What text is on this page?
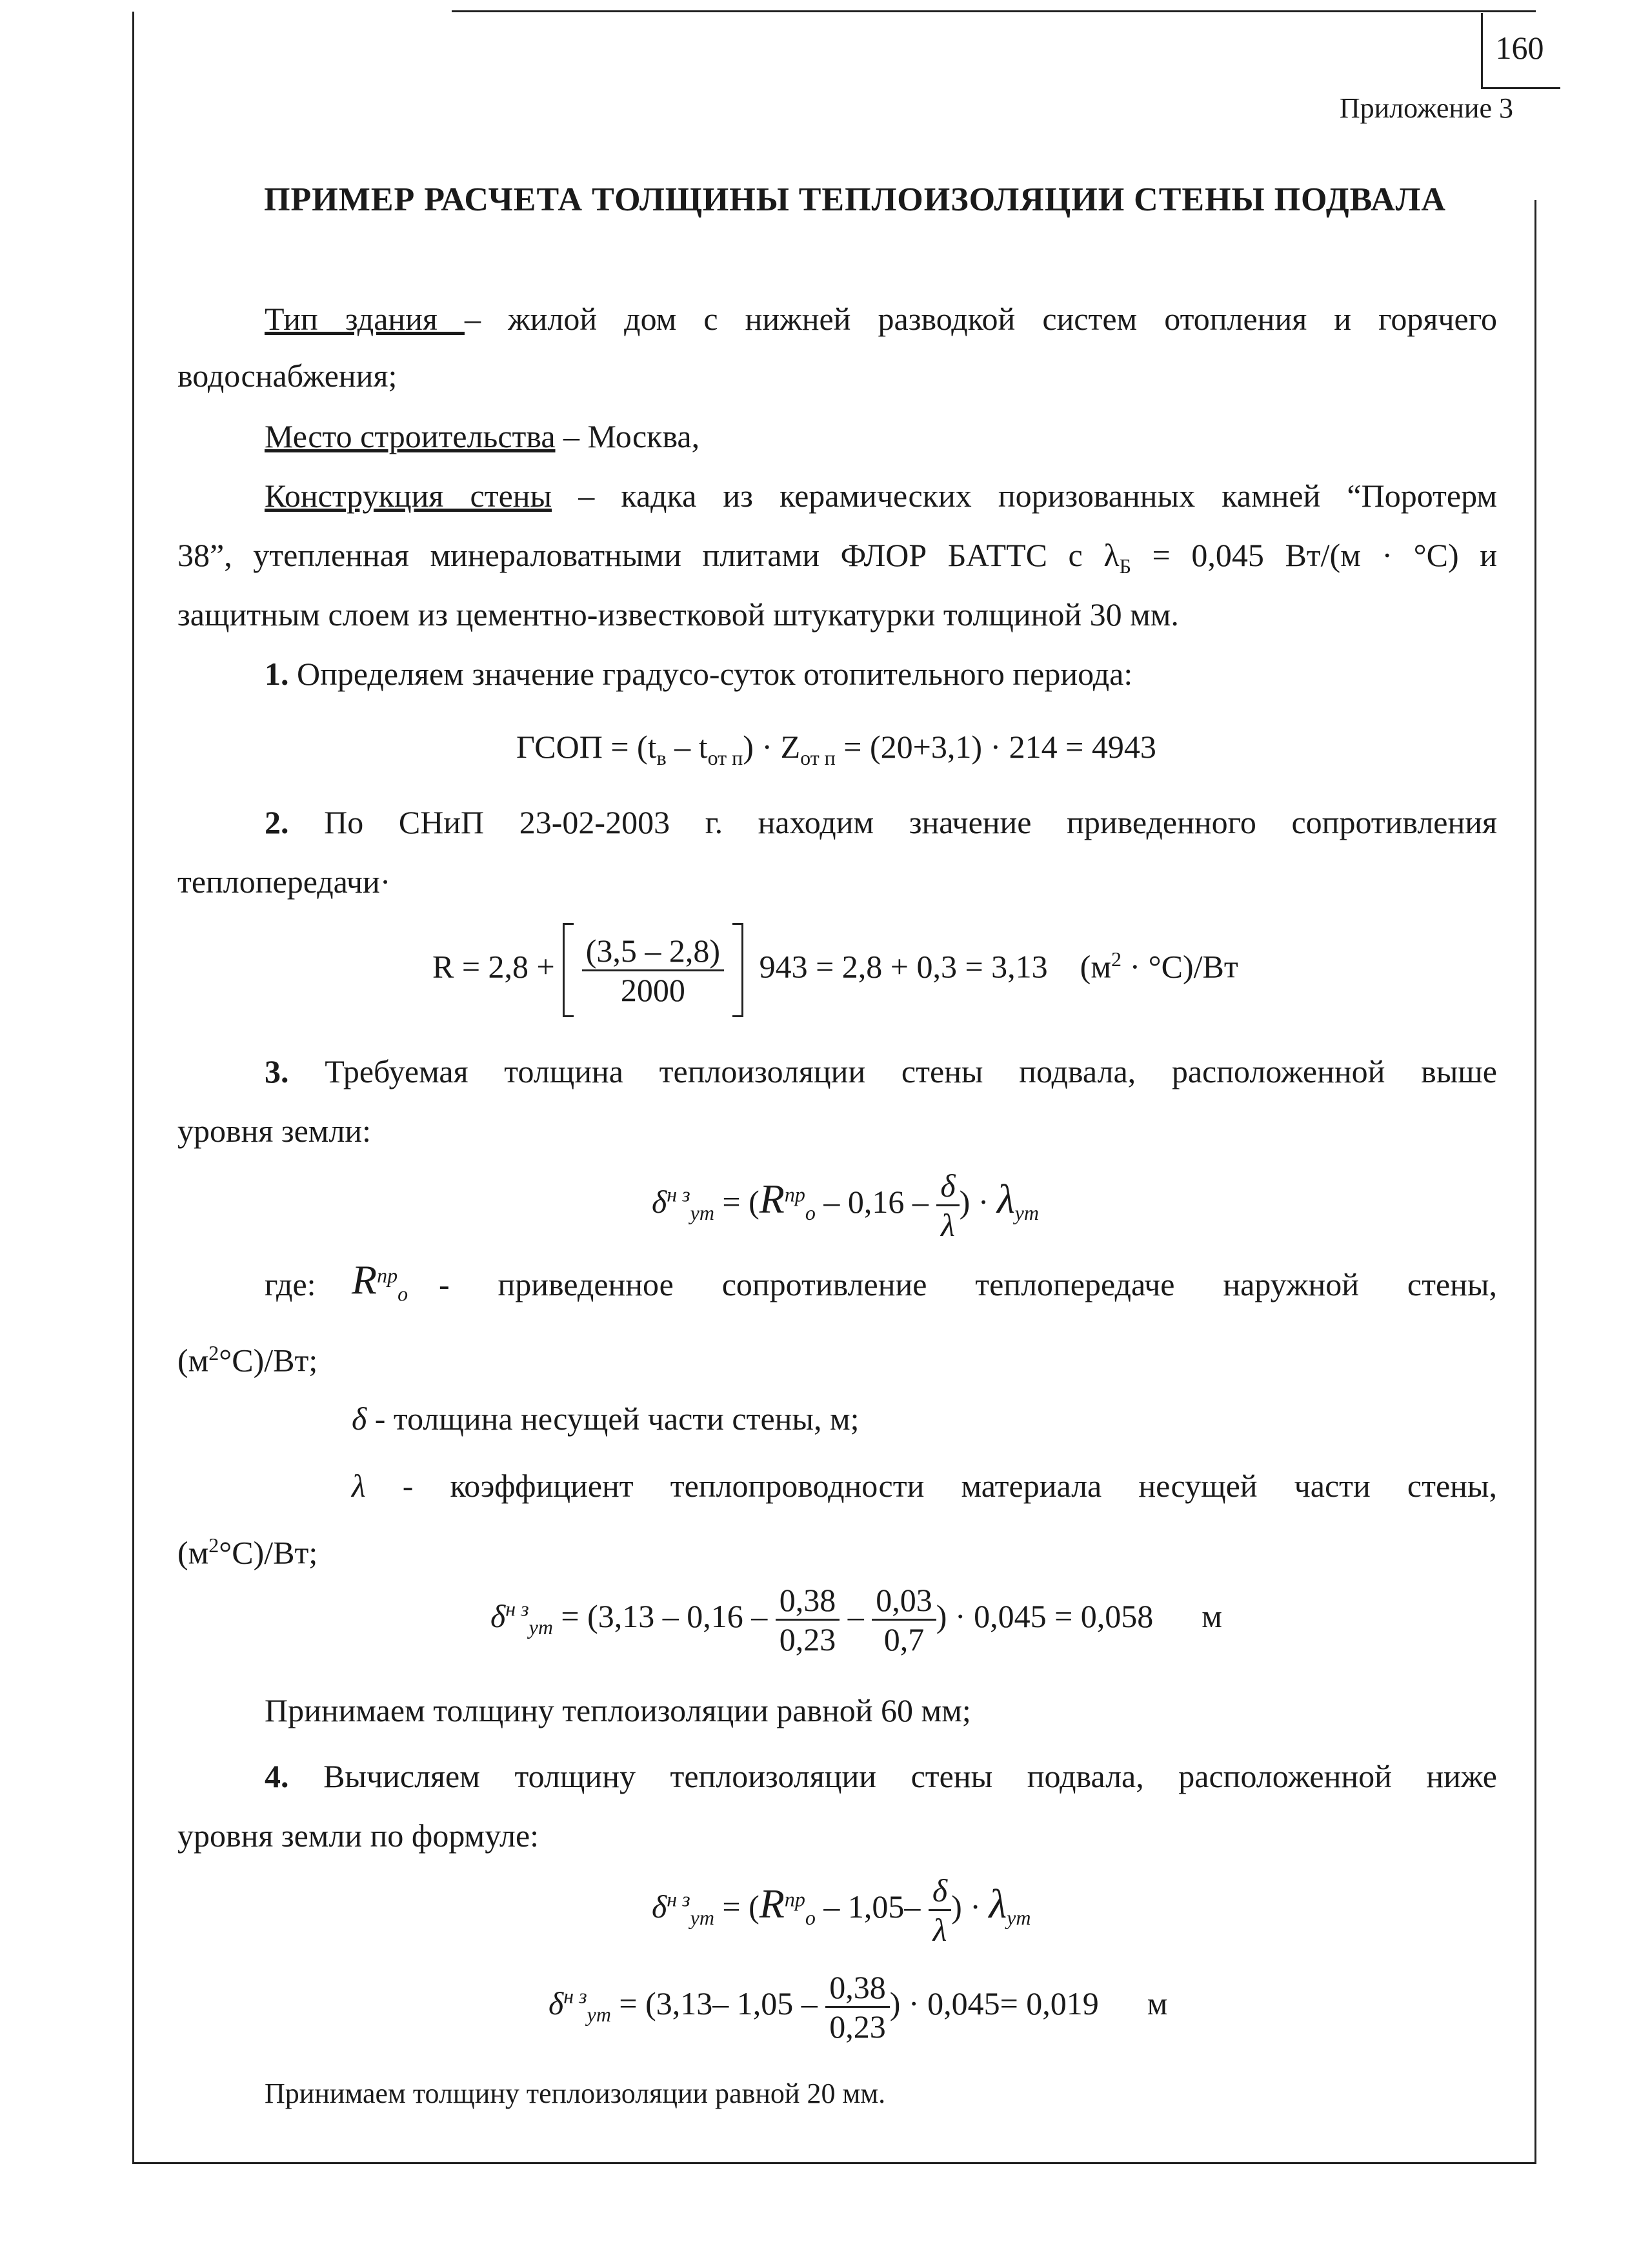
160
Приложение 3
ПРИМЕР РАСЧЕТА ТОЛЩИНЫ ТЕПЛОИЗОЛЯЦИИ СТЕНЫ ПОДВАЛА
Тип здания – жилой дом с нижней разводкой систем отопления и горячего
водоснабжения;
Место строительства – Москва,
Конструкция стены – кадка из керамических поризованных камней “Поротерм
38”, утепленная минераловатными плитами ФЛОР БАТТС с $\lambda_Б = 0,045$ Вт/(м · °С) и
защитным слоем из цементно-известковой штукатурки толщиной 30 мм.
1. Определяем значение градусо-суток отопительного периода:
ГСОП = $(t_в - t_{от п}) \cdot Z_{от п} = (20+3,1) \cdot 214 = 4943$
2. По СНиП 23-02-2003 г. находим значение приведенного сопротивления
теплопередачи·
$R = 2,8 + \frac{(3,5 - 2,8)}{2000} 943 = 2,8 + 0,3 = 3,13$ $(м^2 \cdot ^\circ С)/Вт$
3. Требуемая толщина теплоизоляции стены подвала, расположенной выше
уровня земли:
$\delta^{н з}_{ут} = (R^{пр}_о - 0,16 - \frac{\delta}{\lambda}$ ) · $\lambda_{ут}$
где: $R^{пр}_о$ - приведенное сопротивление теплопередаче наружной стены,
$(м^2^\circ С)/Вт$;
δ - толщина несущей части стены, м;
λ - коэффициент теплопроводности материала несущей части стены,
$(м^2^\circ С)/Вт$;
$\delta^{н з}_{ут} = (3,13 - 0,16 - \frac{0,38}{0,23} - \frac{0,03}{0,7}$ ) · 0,045 = 0,058 м
Принимаем толщину теплоизоляции равной 60 мм;
4. Вычисляем толщину теплоизоляции стены подвала, расположенной ниже
уровня земли по формуле:
$\delta^{н з}_{ут} = (R^{пр}_о - 1,05- \frac{\delta}{\lambda}$ ) · $\lambda_{ут}$
$\delta^{н з}_{ут} = (3,13-$ $1,05 - \frac{0,38}{0,23}$ ) · 0,045= 0,019 м
Принимаем толщину теплоизоляции равной 20 мм.
